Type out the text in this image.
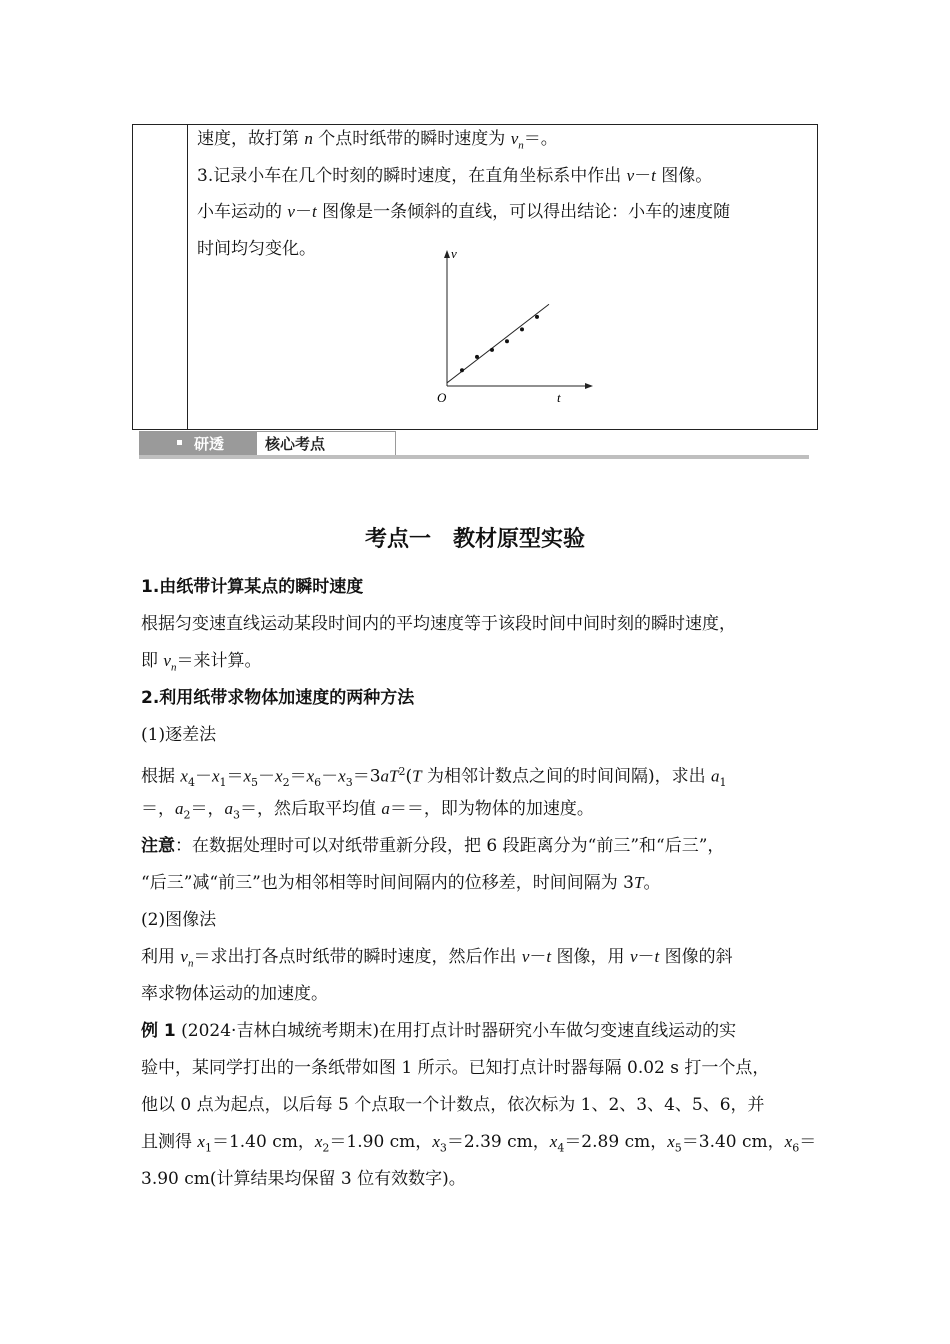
速度，故打第 n 个点时纸带的瞬时速度为 $v_n=$。
3.记录小车在几个时刻的瞬时速度，在直角坐标系中作出 v－t 图像。
小车运动的 v－t 图像是一条倾斜的直线，可以得出结论：小车的速度随
时间均匀变化。	v
t
O
研透	核心考点
考点一　教材原型实验
1.由纸带计算某点的瞬时速度
根据匀变速直线运动某段时间内的平均速度等于该段时间中间时刻的瞬时速度，
即 $v_n=$来计算。
2.利用纸带求物体加速度的两种方法
(1)逐差法
根据 $x_4-x_1=x_5-x_2=x_6-x_3=3aT^2(T$ 为相邻计数点之间的时间间隔)，求出 $a_1$
＝，$a_2=$，$a_3=$，然后取平均值 a＝＝，即为物体的加速度。
注意：在数据处理时可以对纸带重新分段，把 6 段距离分为“前三”和“后三”，
“后三”减“前三”也为相邻相等时间间隔内的位移差，时间间隔为 3T。
(2)图像法
利用 $v_n=$求出打各点时纸带的瞬时速度，然后作出 v－t 图像，用 v－t 图像的斜
率求物体运动的加速度。
例 1 (2024·吉林白城统考期末)在用打点计时器研究小车做匀变速直线运动的实
验中，某同学打出的一条纸带如图 1 所示。已知打点计时器每隔 0.02 s 打一个点，
他以 0 点为起点，以后每 5 个点取一个计数点，依次标为 1、2、3、4、5、6，并
且测得 $x_1=1.40$ cm，$x_2=1.90$ cm，$x_3=2.39$ cm，$x_4=2.89$ cm，$x_5=3.40$ cm，$x_6=$
3.90 cm(计算结果均保留 3 位有效数字)。
